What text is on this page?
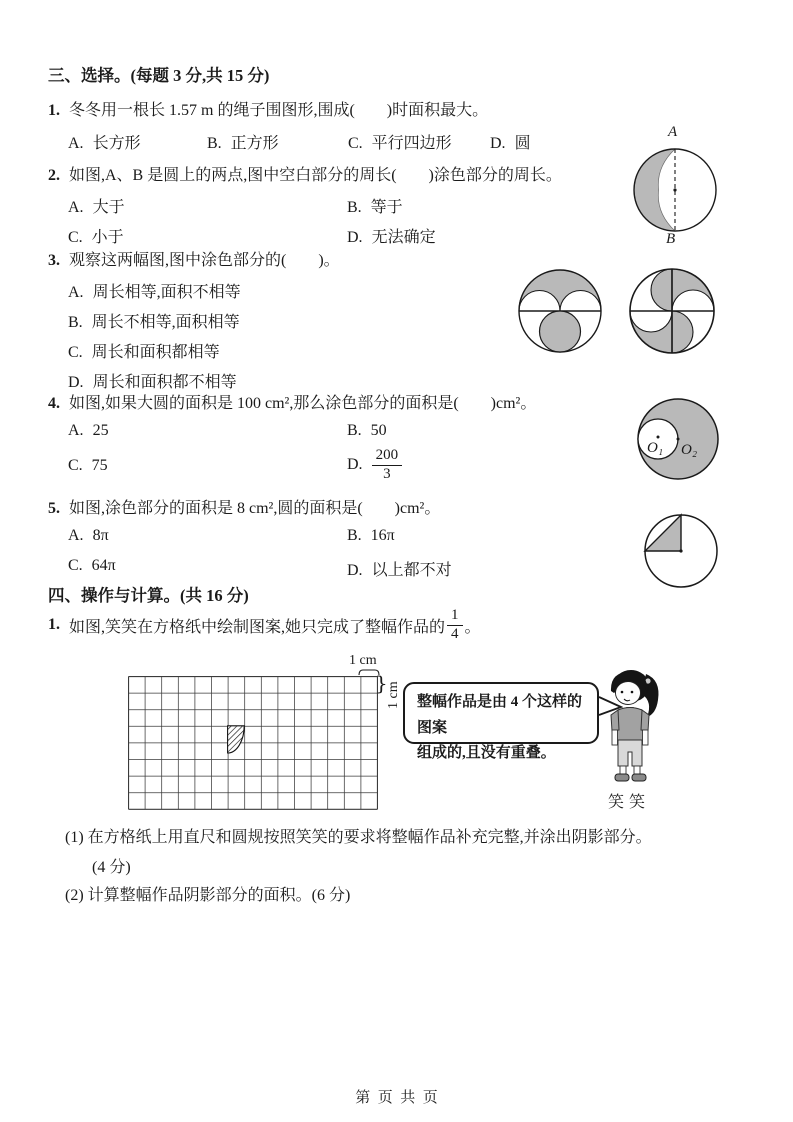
三、选择。(每题 3 分,共 15 分)
1. 冬冬用一根长 1.57 m 的绳子围图形,围成(　　)时面积最大。
A. 长方形	B. 正方形	C. 平行四边形 D. 圆
2. 如图,A、B 是圆上的两点,图中空白部分的周长(　　)涂色部分的周长。
A. 大于	B. 等于
C. 小于	D. 无法确定
A
B
3. 观察这两幅图,图中涂色部分的(　　)。
A. 周长相等,面积不相等
B. 周长不相等,面积相等
C. 周长和面积都相等
D. 周长和面积都不相等
4. 如图,如果大圆的面积是 100 cm²,那么涂色部分的面积是(　　)cm²。
A. 25	B. 50
C. 75	D. $\frac{200}{3}$	O₁ O₂
5. 如图,涂色部分的面积是 8 cm²,圆的面积是(　　)cm²。
A. 8π	B. 16π
C. 64π	D. 以上都不对
四、操作与计算。(共 16 分)
1. 如图,笑笑在方格纸中绘制图案,她只完成了整幅作品的 $\frac{1}{4}$ 。
1 cm
}
1 cm 整幅作品是由 4 个这样的图案
组成的,且没有重叠。
笑笑
(1) 在方格纸上用直尺和圆规按照笑笑的要求将整幅作品补充完整,并涂出阴影部分。
(4 分)
(2) 计算整幅作品阴影部分的面积。(6 分)
第  页  共  页
